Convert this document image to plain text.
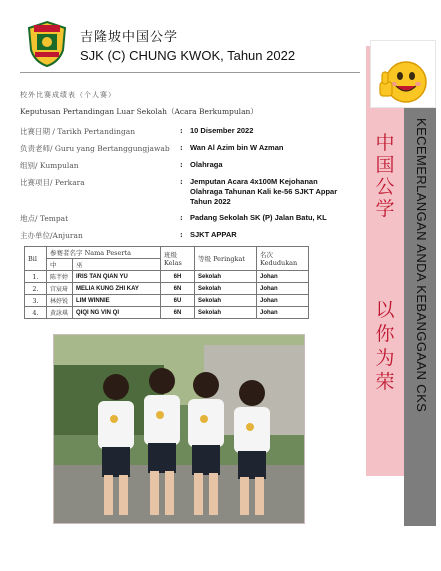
吉隆坡中国公学
SJK (C) CHUNG KWOK, Tahun 2022
校外比赛成绩表（个人赛）
Keputusan Pertandingan Luar Sekolah（Acara Berkumpulan）
比赛日期 / Tarikh Pertandingan	: 10 Disember 2022
负责老师/ Guru yang Bertanggungjawab : Wan Al Azim bin W Azman
组别/ Kumpulan	: Olahraga
比赛项目/ Perkara	: Jemputan Acara 4x100M Kejohanan Olahraga Tahunan Kali ke-56 SJKT Appar Tahun 2022
地点/ Tempat	: Padang Sekolah SK (P) Jalan Batu, KL
主办单位/Anjuran	: SJKT APPAR
Bil	参赛者名字 Nama Peserta		班级 Kelas	等级 Peringkat	名次 Kedudukan
	中	巫			
1.	陈芊婷	IRIS TAN QIAN YU	6H	Sekolah	Johan
2.	宫宸琦	MELIA KUNG ZHI KAY	6N	Sekolah	Johan
3.	林妤锐	LIM WINNIE	6U	Sekolah	Johan
4.	黄詠琪	QIQI NG VIN QI	6N	Sekolah	Johan
中
国
公
学
以
你
为
荣 KECEMERLANGAN ANDA KEBANGGAAN CKS
